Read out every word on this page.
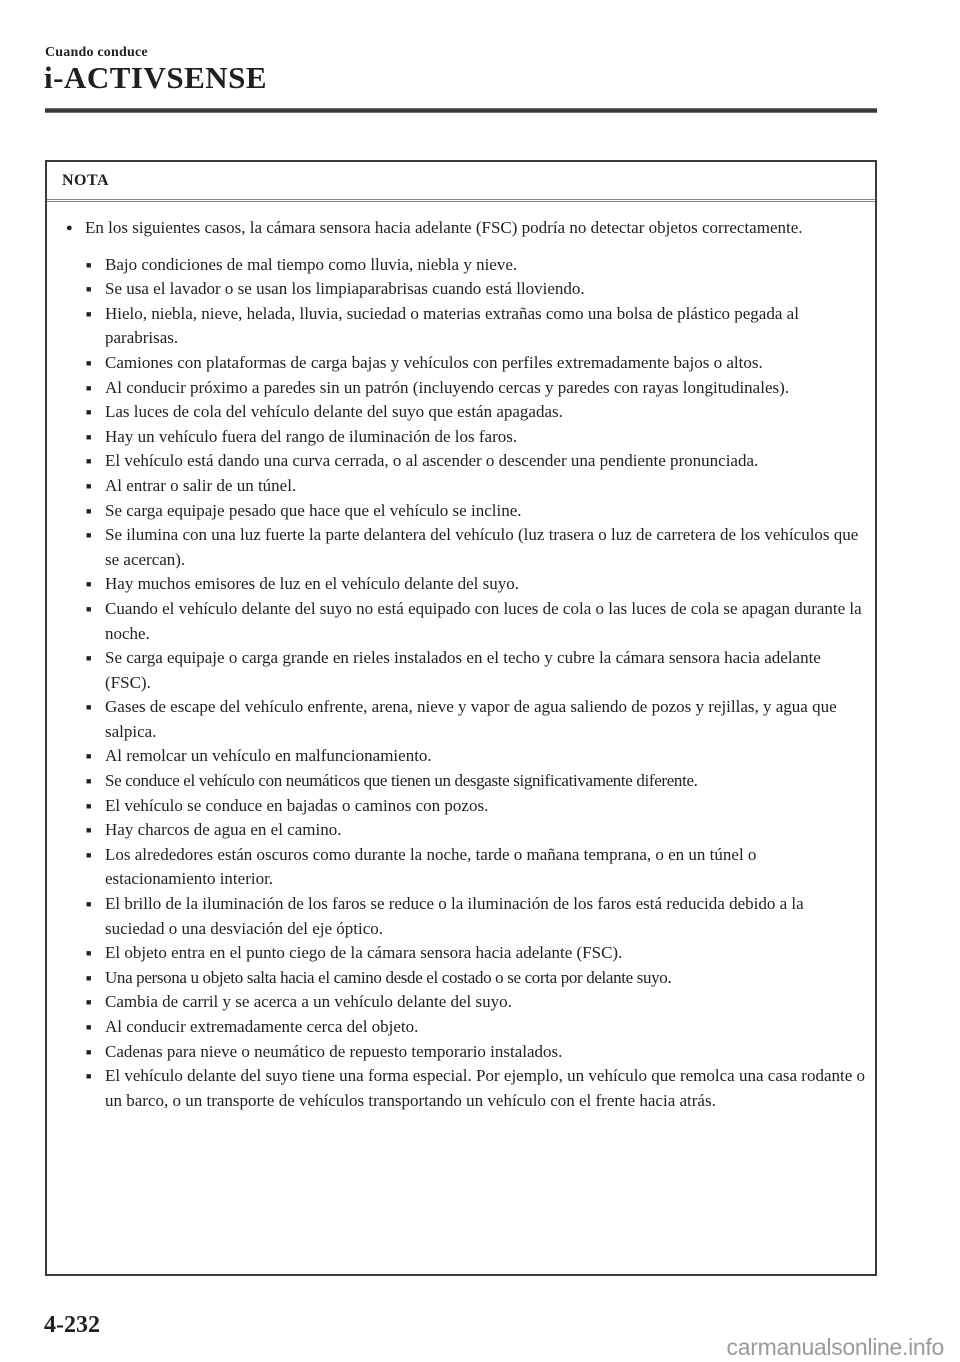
Cuando conduce
i-ACTIVSENSE
NOTA
● En los siguientes casos, la cámara sensora hacia adelante (FSC) podría no detectar objetos correctamente.
■ Bajo condiciones de mal tiempo como lluvia, niebla y nieve.
■ Se usa el lavador o se usan los limpiaparabrisas cuando está lloviendo.
■ Hielo, niebla, nieve, helada, lluvia, suciedad o materias extrañas como una bolsa de plástico pegada al parabrisas.
■ Camiones con plataformas de carga bajas y vehículos con perfiles extremadamente bajos o altos.
■ Al conducir próximo a paredes sin un patrón (incluyendo cercas y paredes con rayas longitudinales).
■ Las luces de cola del vehículo delante del suyo que están apagadas.
■ Hay un vehículo fuera del rango de iluminación de los faros.
■ El vehículo está dando una curva cerrada, o al ascender o descender una pendiente pronunciada.
■ Al entrar o salir de un túnel.
■ Se carga equipaje pesado que hace que el vehículo se incline.
■ Se ilumina con una luz fuerte la parte delantera del vehículo (luz trasera o luz de carretera de los vehículos que se acercan).
■ Hay muchos emisores de luz en el vehículo delante del suyo.
■ Cuando el vehículo delante del suyo no está equipado con luces de cola o las luces de cola se apagan durante la noche.
■ Se carga equipaje o carga grande en rieles instalados en el techo y cubre la cámara sensora hacia adelante (FSC).
■ Gases de escape del vehículo enfrente, arena, nieve y vapor de agua saliendo de pozos y rejillas, y agua que salpica.
■ Al remolcar un vehículo en malfuncionamiento.
■ Se conduce el vehículo con neumáticos que tienen un desgaste significativamente diferente.
■ El vehículo se conduce en bajadas o caminos con pozos.
■ Hay charcos de agua en el camino.
■ Los alrededores están oscuros como durante la noche, tarde o mañana temprana, o en un túnel o estacionamiento interior.
■ El brillo de la iluminación de los faros se reduce o la iluminación de los faros está reducida debido a la suciedad o una desviación del eje óptico.
■ El objeto entra en el punto ciego de la cámara sensora hacia adelante (FSC).
■ Una persona u objeto salta hacia el camino desde el costado o se corta por delante suyo.
■ Cambia de carril y se acerca a un vehículo delante del suyo.
■ Al conducir extremadamente cerca del objeto.
■ Cadenas para nieve o neumático de repuesto temporario instalados.
■ El vehículo delante del suyo tiene una forma especial. Por ejemplo, un vehículo que remolca una casa rodante o un barco, o un transporte de vehículos transportando un vehículo con el frente hacia atrás.
4-232
carmanualsonline.info
